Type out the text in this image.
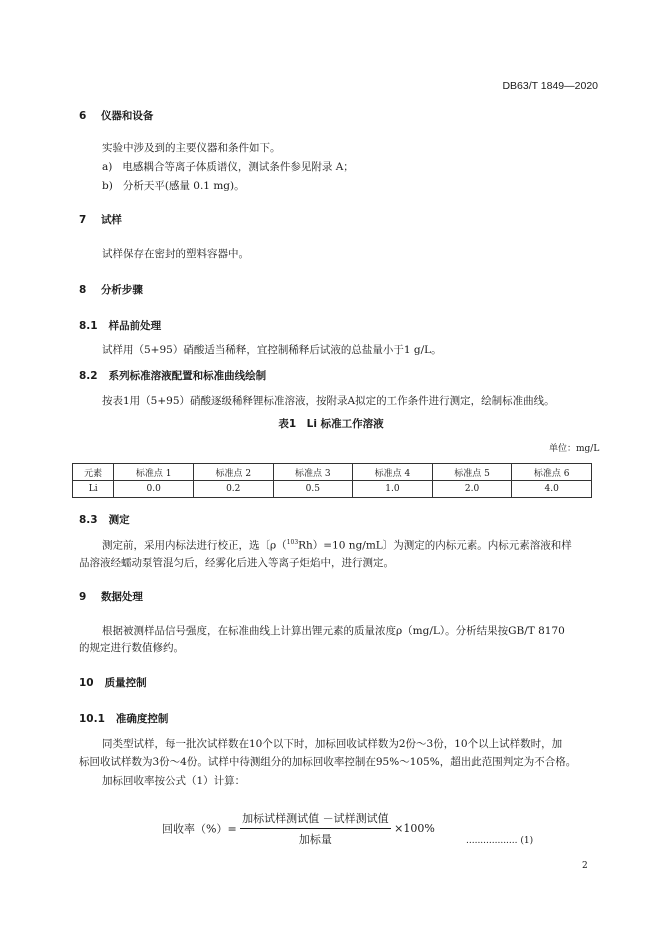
DB63/T 1849—2020
6 仪器和设备
实验中涉及到的主要仪器和条件如下。
a) 电感耦合等离子体质谱仪，测试条件参见附录 A；
b) 分析天平(感量 0.1 mg)。
7 试样
试样保存在密封的塑料容器中。
8 分析步骤
8.1 样品前处理
试样用（5+95）硝酸适当稀释，宜控制稀释后试液的总盐量小于1 g/L。
8.2 系列标准溶液配置和标准曲线绘制
按表1用（5+95）硝酸逐级稀释锂标准溶液，按附录A拟定的工作条件进行测定，绘制标准曲线。
表1　Li 标准工作溶液
单位：mg/L
元素	标准点 1	标准点 2	标准点 3	标准点 4	标准点 5	标准点 6
Li	0.0	0.2	0.5	1.0	2.0	4.0
8.3 测定
测定前，采用内标法进行校正，选〔ρ（$^{103}$Rh）=10 ng/mL〕为测定的内标元素。内标元素溶液和样
品溶液经蠕动泵管混匀后，经雾化后进入等离子炬焰中，进行测定。
9 数据处理
根据被测样品信号强度，在标准曲线上计算出锂元素的质量浓度ρ（mg/L）。分析结果按GB/T 8170
的规定进行数值修约。
10 质量控制
10.1 准确度控制
同类型试样，每一批次试样数在10个以下时，加标回收试样数为2份～3份，10个以上试样数时，加
标回收试样数为3份～4份。试样中待测组分的加标回收率控制在95%～105%，超出此范围判定为不合格。
加标回收率按公式（1）计算：
回收率（%）= $\frac{\text{加标试样测试值 －试样测试值}}{\text{加标量}} \times 100\%$
.................. (1)
2
